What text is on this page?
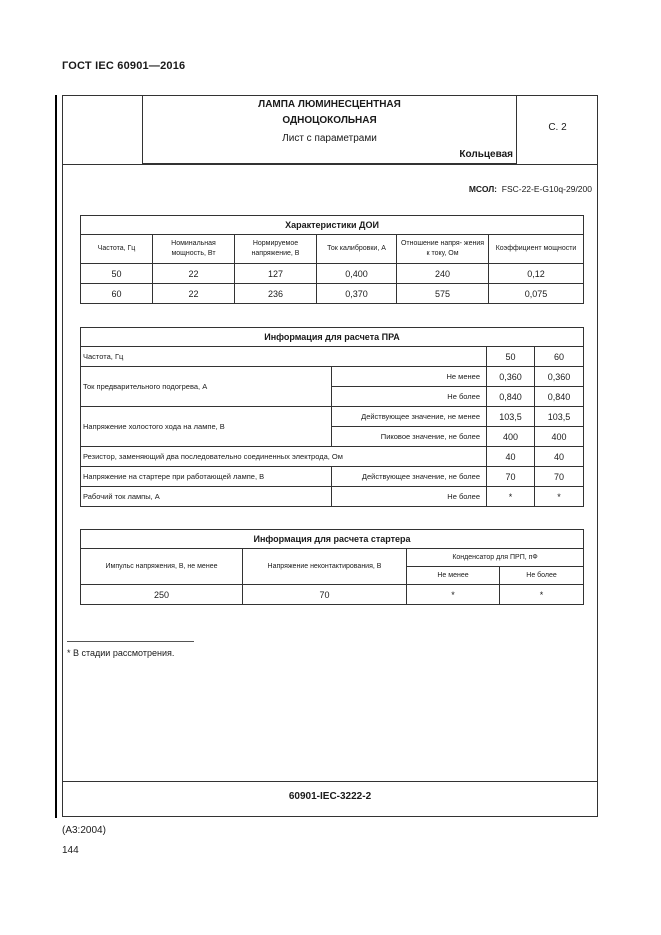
ГОСТ IEC 60901—2016
ЛАМПА ЛЮМИНЕСЦЕНТНАЯ
ОДНОЦОКОЛЬНАЯ
Лист с параметрами
Кольцевая
С. 2
МСОЛ: FSC-22-E-G10q-29/200
Характеристики ДОИ					
Частота, Гц	Номинальная мощность, Вт	Нормируемое напряжение, В	Ток калибровки, А	Отношение напря- жения к току, Ом	Коэффициент мощности
50	22	127	0,400	240	0,12
60	22	236	0,370	575	0,075
Информация для расчета ПРА			
Частота, Гц		50	60
Ток предварительного подогрева, А	Не менее	0,360	0,360
	Не более	0,840	0,840
Напряжение холостого хода на лампе, В	Действующее значение, не менее	103,5	103,5
	Пиковое значение, не более	400	400
Резистор, заменяющий два последовательно соединенных электрода, Ом		40	40
Напряжение на стартере при работающей лампе, В	Действующее значение, не более	70	70
Рабочий ток лампы, А	Не более	*	*
Информация для расчета стартера			
Импульс напряжения, В, не менее	Напряжение неконтактирования, В	Конденсатор для ПРП, пФ	
		Не менее	Не более
250	70	*	*
* В стадии рассмотрения.
60901-IEC-3222-2
(А3:2004)
144
